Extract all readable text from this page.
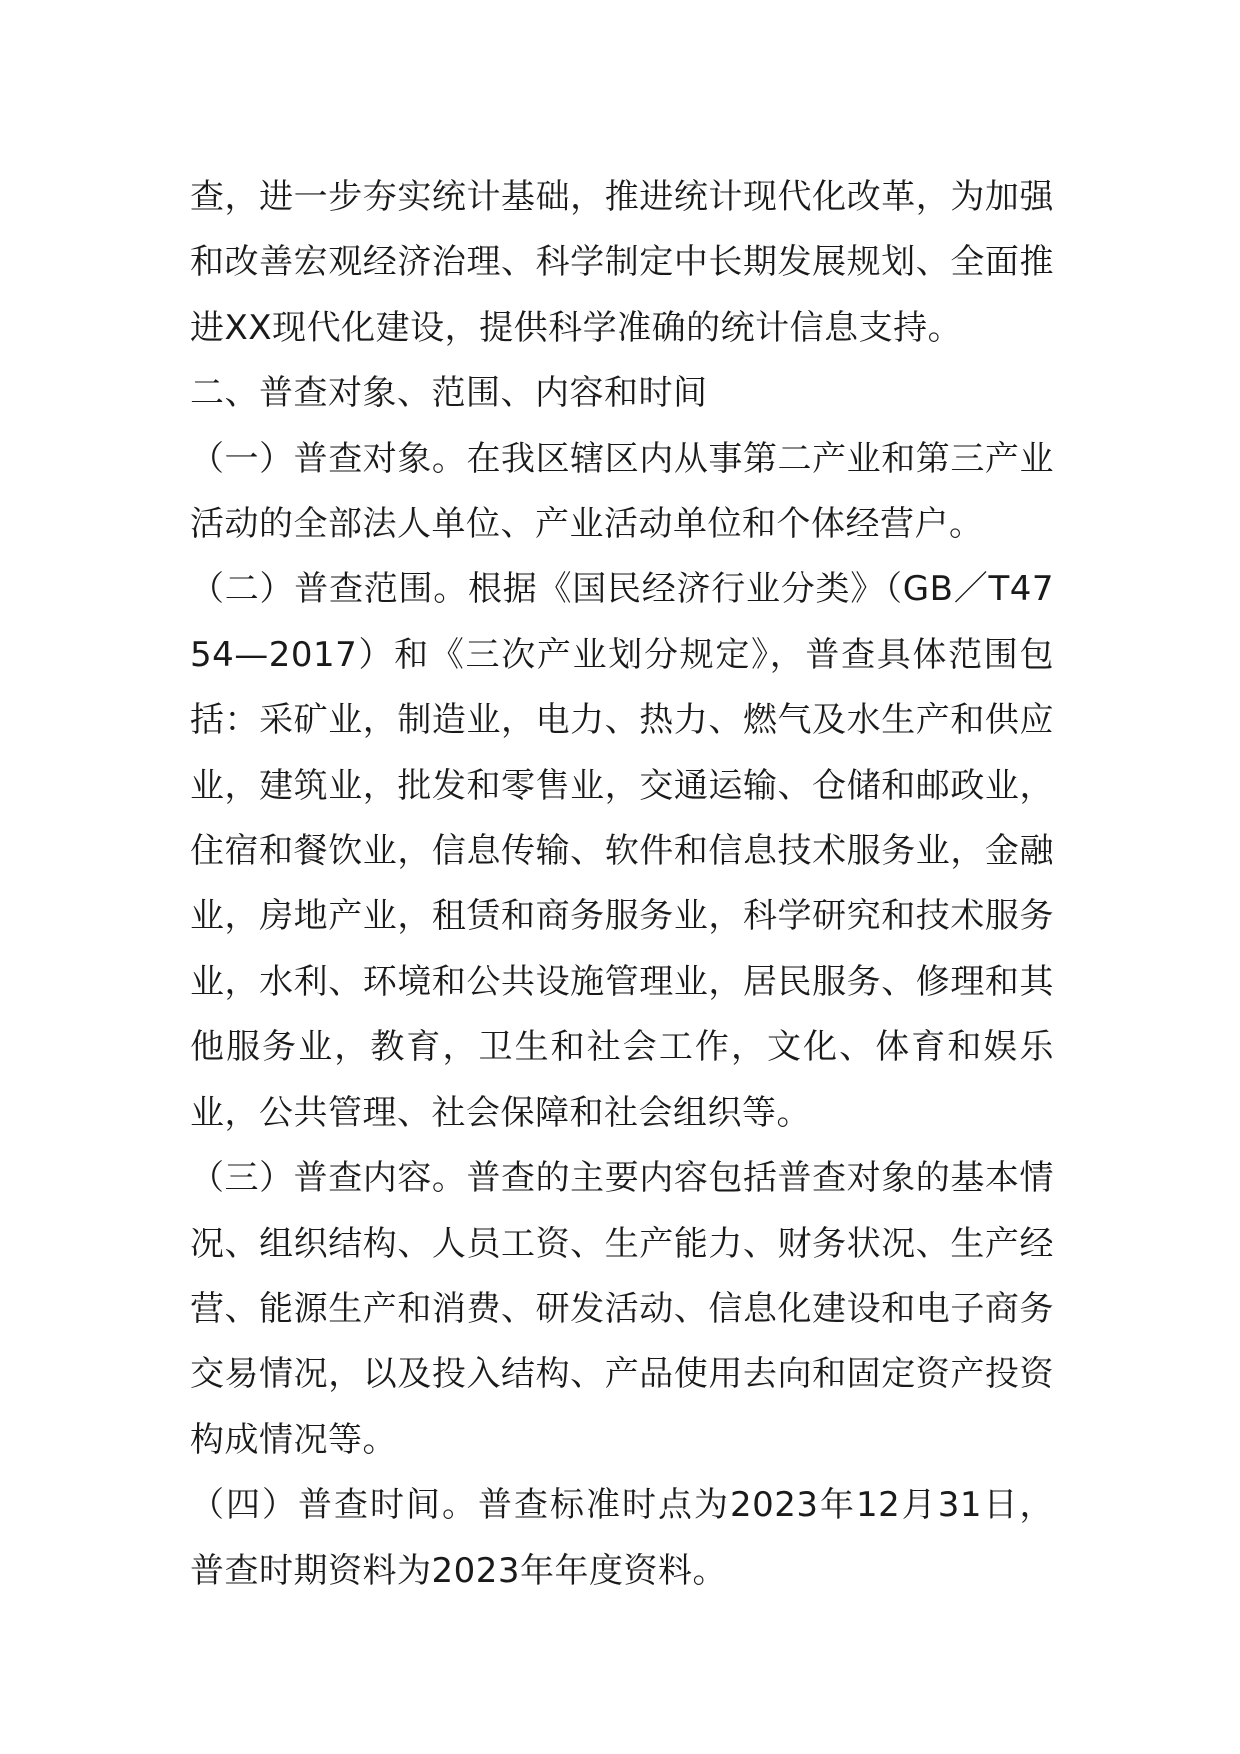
查，进一步夯实统计基础，推进统计现代化改革，为加强和改善宏观经济治理、科学制定中长期发展规划、全面推进XX现代化建设，提供科学准确的统计信息支持。

二、普查对象、范围、内容和时间

（一）普查对象。在我区辖区内从事第二产业和第三产业活动的全部法人单位、产业活动单位和个体经营户。

（二）普查范围。根据《国民经济行业分类》（GB／T4754—2017）和《三次产业划分规定》，普查具体范围包括：采矿业，制造业，电力、热力、燃气及水生产和供应业，建筑业，批发和零售业，交通运输、仓储和邮政业，住宿和餐饮业，信息传输、软件和信息技术服务业，金融业，房地产业，租赁和商务服务业，科学研究和技术服务业，水利、环境和公共设施管理业，居民服务、修理和其他服务业，教育，卫生和社会工作，文化、体育和娱乐业，公共管理、社会保障和社会组织等。

（三）普查内容。普查的主要内容包括普查对象的基本情况、组织结构、人员工资、生产能力、财务状况、生产经营、能源生产和消费、研发活动、信息化建设和电子商务交易情况，以及投入结构、产品使用去向和固定资产投资构成情况等。

（四）普查时间。普查标准时点为2023年12月31日，普查时期资料为2023年年度资料。
